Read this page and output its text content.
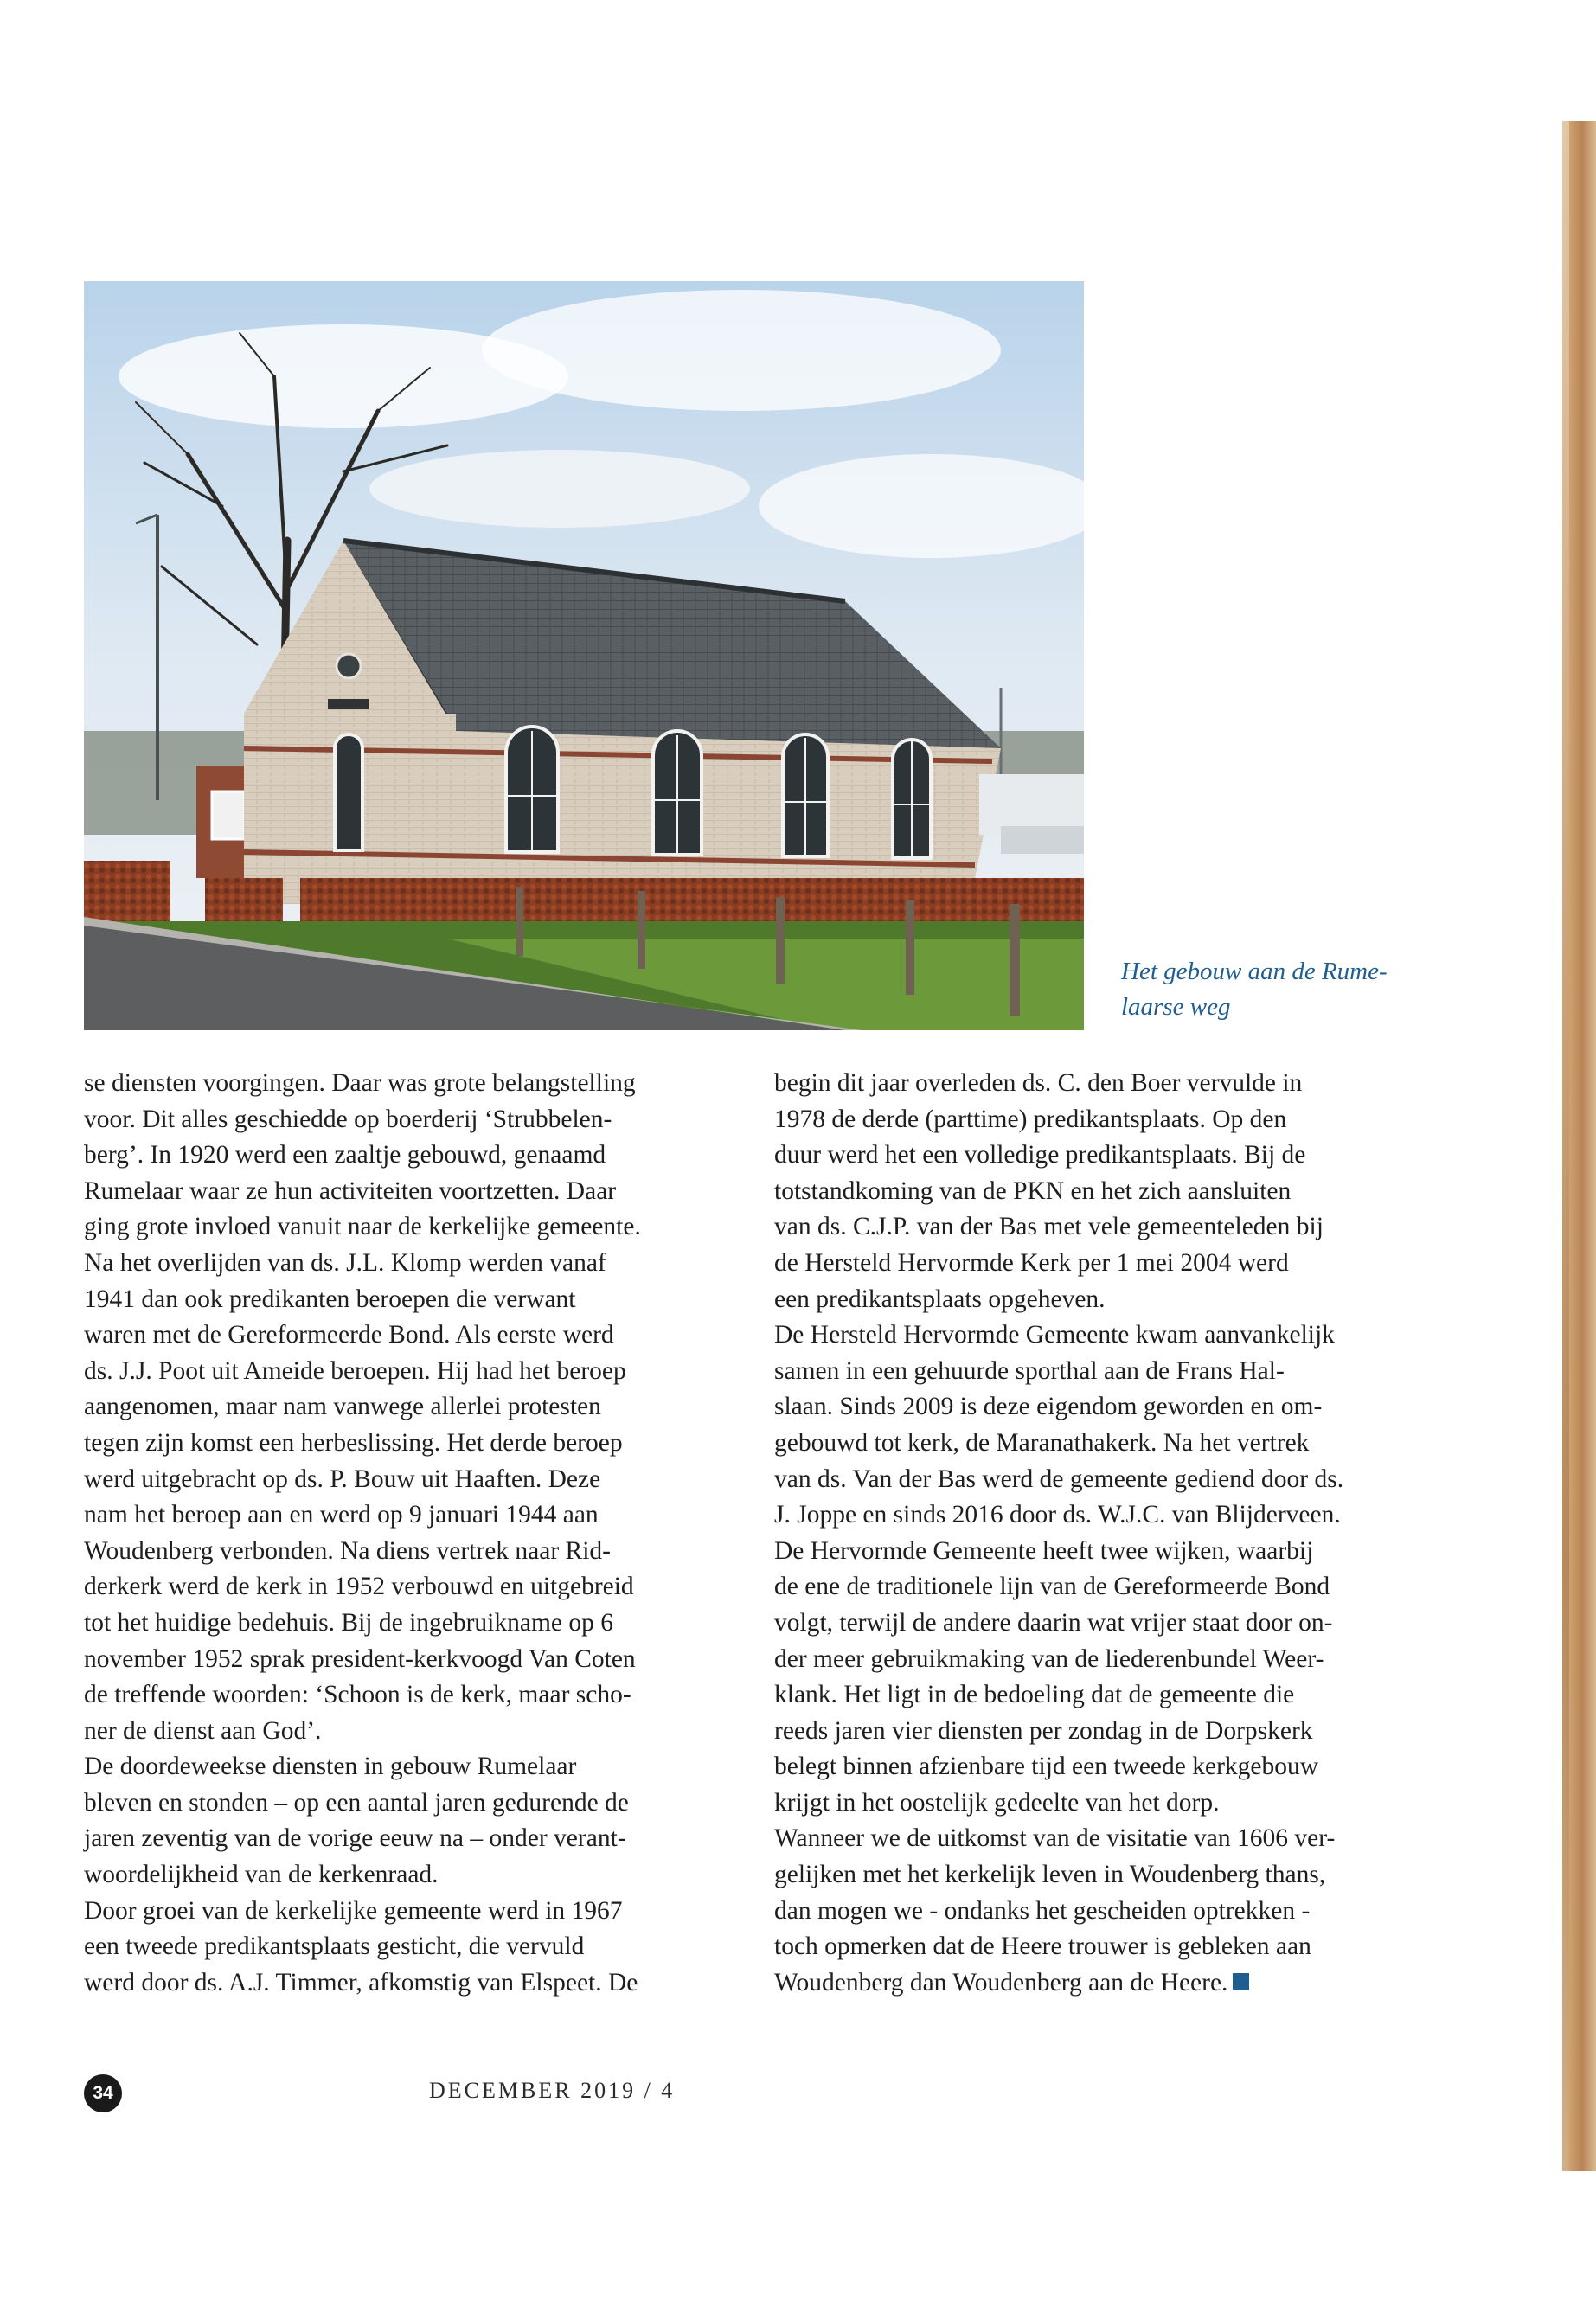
Het gebouw aan de Rume-
laarse weg

se diensten voorgingen. Daar was grote belangstelling
voor. Dit alles geschiedde op boerderij ‘Strubbelen-
berg’. In 1920 werd een zaaltje gebouwd, genaamd
Rumelaar waar ze hun activiteiten voortzetten. Daar
ging grote invloed vanuit naar de kerkelijke gemeente.
Na het overlijden van ds. J.L. Klomp werden vanaf
1941 dan ook predikanten beroepen die verwant
waren met de Gereformeerde Bond. Als eerste werd
ds. J.J. Poot uit Ameide beroepen. Hij had het beroep
aangenomen, maar nam vanwege allerlei protesten
tegen zijn komst een herbeslissing. Het derde beroep
werd uitgebracht op ds. P. Bouw uit Haaften. Deze
nam het beroep aan en werd op 9 januari 1944 aan
Woudenberg verbonden. Na diens vertrek naar Rid-
derkerk werd de kerk in 1952 verbouwd en uitgebreid
tot het huidige bedehuis. Bij de ingebruikname op 6
november 1952 sprak president-kerkvoogd Van Coten
de treffende woorden: ‘Schoon is de kerk, maar scho-
ner de dienst aan God’.

De doordeweekse diensten in gebouw Rumelaar
bleven en stonden – op een aantal jaren gedurende de
jaren zeventig van de vorige eeuw na – onder verant-
woordelijkheid van de kerkenraad.

Door groei van de kerkelijke gemeente werd in 1967
een tweede predikantsplaats gesticht, die vervuld
werd door ds. A.J. Timmer, afkomstig van Elspeet. De

begin dit jaar overleden ds. C. den Boer vervulde in
1978 de derde (parttime) predikantsplaats. Op den
duur werd het een volledige predikantsplaats. Bij de
totstandkoming van de PKN en het zich aansluiten
van ds. C.J.P. van der Bas met vele gemeenteleden bij
de Hersteld Hervormde Kerk per 1 mei 2004 werd
een predikantsplaats opgeheven.

De Hersteld Hervormde Gemeente kwam aanvankelijk
samen in een gehuurde sporthal aan de Frans Hal-
slaan. Sinds 2009 is deze eigendom geworden en om-
gebouwd tot kerk, de Maranathakerk. Na het vertrek
van ds. Van der Bas werd de gemeente gediend door ds.
J. Joppe en sinds 2016 door ds. W.J.C. van Blijderveen.

De Hervormde Gemeente heeft twee wijken, waarbij
de ene de traditionele lijn van de Gereformeerde Bond
volgt, terwijl de andere daarin wat vrijer staat door on-
der meer gebruikmaking van de liederenbundel Weer-
klank. Het ligt in de bedoeling dat de gemeente die
reeds jaren vier diensten per zondag in de Dorpskerk
belegt binnen afzienbare tijd een tweede kerkgebouw
krijgt in het oostelijk gedeelte van het dorp.

Wanneer we de uitkomst van de visitatie van 1606 ver-
gelijken met het kerkelijk leven in Woudenberg thans,
dan mogen we - ondanks het gescheiden optrekken -
toch opmerken dat de Heere trouwer is gebleken aan
Woudenberg dan Woudenberg aan de Heere.

34	DECEMBER 2019 / 4
